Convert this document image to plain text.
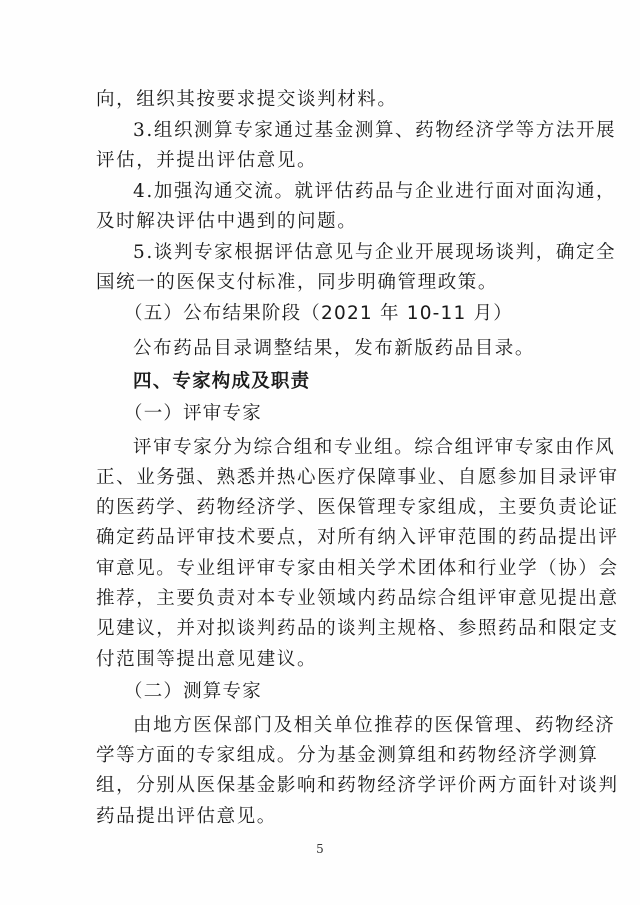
向，组织其按要求提交谈判材料。
3.组织测算专家通过基金测算、药物经济学等方法开展
评估，并提出评估意见。
4.加强沟通交流。就评估药品与企业进行面对面沟通，
及时解决评估中遇到的问题。
5.谈判专家根据评估意见与企业开展现场谈判，确定全
国统一的医保支付标准，同步明确管理政策。
（五）公布结果阶段（2021 年 10-11 月）
公布药品目录调整结果，发布新版药品目录。
四、专家构成及职责
（一）评审专家
评审专家分为综合组和专业组。综合组评审专家由作风
正、业务强、熟悉并热心医疗保障事业、自愿参加目录评审
的医药学、药物经济学、医保管理专家组成，主要负责论证
确定药品评审技术要点，对所有纳入评审范围的药品提出评
审意见。专业组评审专家由相关学术团体和行业学（协）会
推荐，主要负责对本专业领域内药品综合组评审意见提出意
见建议，并对拟谈判药品的谈判主规格、参照药品和限定支
付范围等提出意见建议。
（二）测算专家
由地方医保部门及相关单位推荐的医保管理、药物经济
学等方面的专家组成。分为基金测算组和药物经济学测算
组，分别从医保基金影响和药物经济学评价两方面针对谈判
药品提出评估意见。
5
